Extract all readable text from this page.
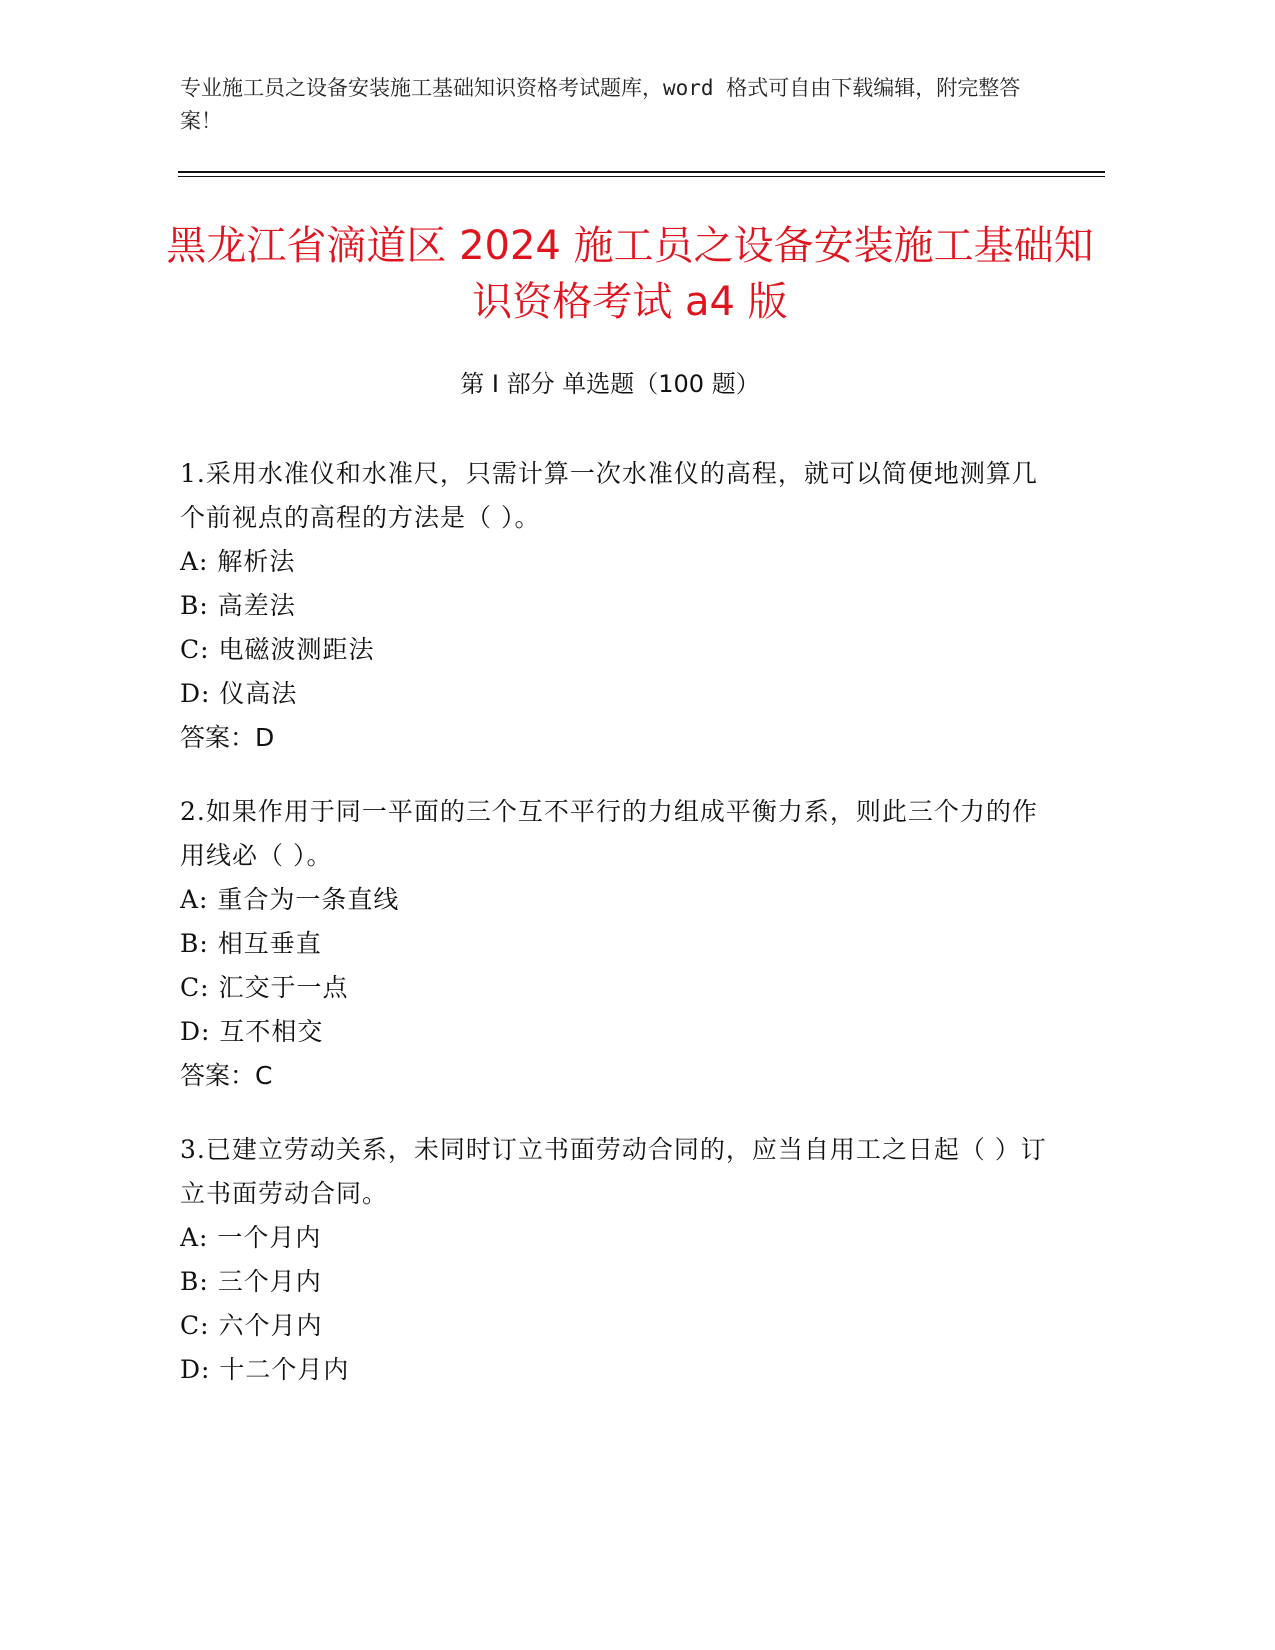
专业施工员之设备安装施工基础知识资格考试题库，word 格式可自由下载编辑，附完整答案！
黑龙江省滴道区 2024 施工员之设备安装施工基础知识资格考试 a4 版
第 I 部分 单选题（100 题）
1.采用水准仪和水准尺，只需计算一次水准仪的高程，就可以简便地测算几个前视点的高程的方法是（ ）。
A: 解析法
B: 高差法
C: 电磁波测距法
D: 仪高法
答案：D
2.如果作用于同一平面的三个互不平行的力组成平衡力系，则此三个力的作用线必（ ）。
A: 重合为一条直线
B: 相互垂直
C: 汇交于一点
D: 互不相交
答案：C
3.已建立劳动关系，未同时订立书面劳动合同的，应当自用工之日起（ ）订立书面劳动合同。
A: 一个月内
B: 三个月内
C: 六个月内
D: 十二个月内
